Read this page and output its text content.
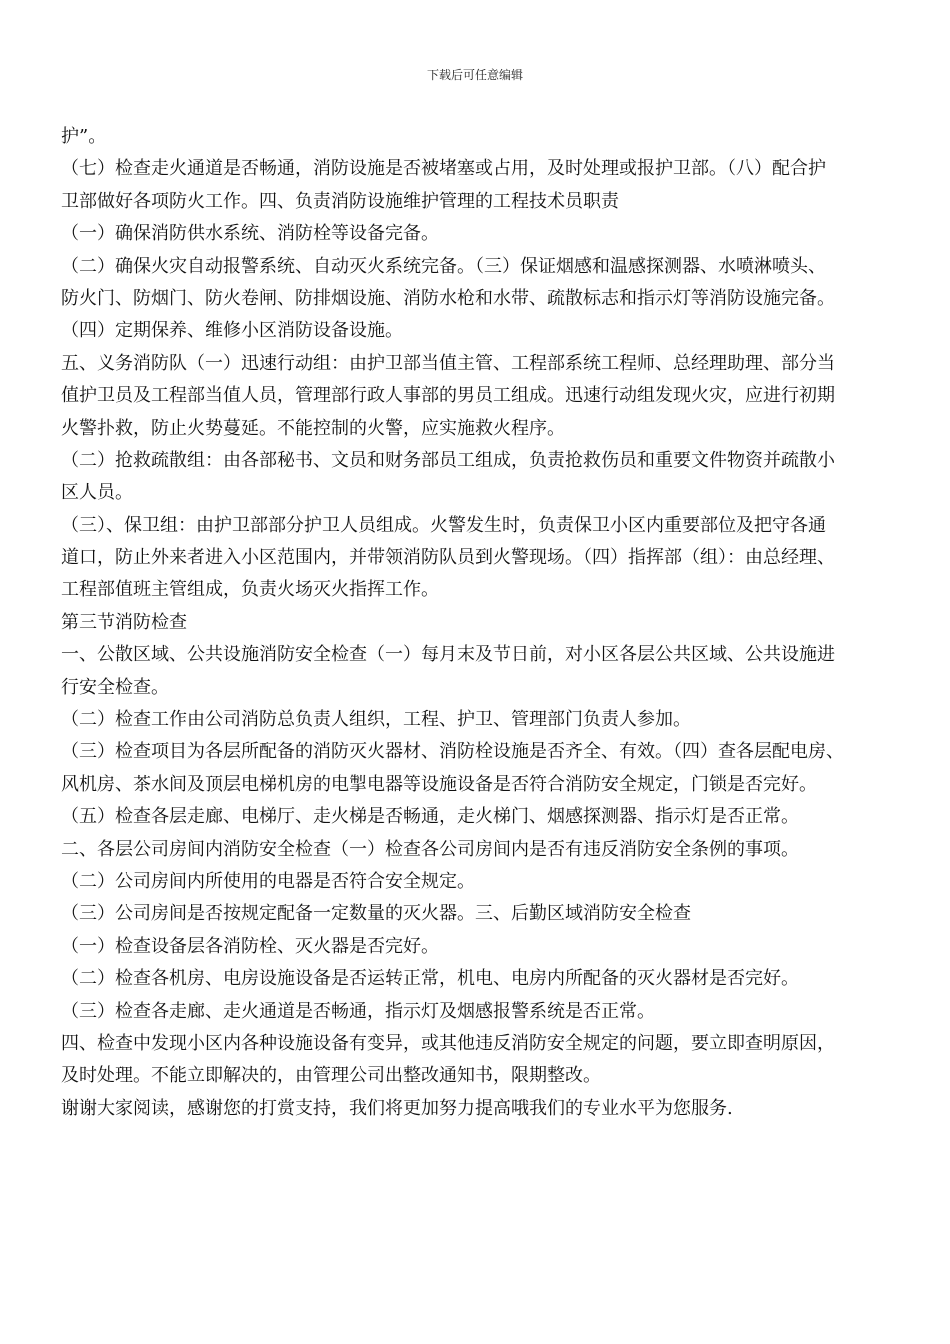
下载后可任意编辑
护”。
（七）检查走火通道是否畅通，消防设施是否被堵塞或占用，及时处理或报护卫部。（八）配合护
卫部做好各项防火工作。四、负责消防设施维护管理的工程技术员职责
（一）确保消防供水系统、消防栓等设备完备。
（二）确保火灾自动报警系统、自动灭火系统完备。（三）保证烟感和温感探测器、水喷淋喷头、
防火门、防烟门、防火卷闸、防排烟设施、消防水枪和水带、疏散标志和指示灯等消防设施完备。
（四）定期保养、维修小区消防设备设施。
五、义务消防队（一）迅速行动组：由护卫部当值主管、工程部系统工程师、总经理助理、部分当
值护卫员及工程部当值人员，管理部行政人事部的男员工组成。迅速行动组发现火灾，应进行初期
火警扑救，防止火势蔓延。不能控制的火警，应实施救火程序。
（二）抢救疏散组：由各部秘书、文员和财务部员工组成，负责抢救伤员和重要文件物资并疏散小
区人员。
（三）、保卫组：由护卫部部分护卫人员组成。火警发生时，负责保卫小区内重要部位及把守各通
道口，防止外来者进入小区范围内，并带领消防队员到火警现场。（四）指挥部（组）：由总经理、
工程部值班主管组成，负责火场灭火指挥工作。
第三节消防检查
一、公散区域、公共设施消防安全检查（一）每月末及节日前，对小区各层公共区域、公共设施进
行安全检查。
（二）检查工作由公司消防总负责人组织，工程、护卫、管理部门负责人参加。
（三）检查项目为各层所配备的消防灭火器材、消防栓设施是否齐全、有效。（四）查各层配电房、
风机房、茶水间及顶层电梯机房的电掣电器等设施设备是否符合消防安全规定，门锁是否完好。
（五）检查各层走廊、电梯厅、走火梯是否畅通，走火梯门、烟感探测器、指示灯是否正常。
二、各层公司房间内消防安全检查（一）检查各公司房间内是否有违反消防安全条例的事项。
（二）公司房间内所使用的电器是否符合安全规定。
（三）公司房间是否按规定配备一定数量的灭火器。三、后勤区域消防安全检查
（一）检查设备层各消防栓、灭火器是否完好。
（二）检查各机房、电房设施设备是否运转正常，机电、电房内所配备的灭火器材是否完好。
（三）检查各走廊、走火通道是否畅通，指示灯及烟感报警系统是否正常。
四、检查中发现小区内各种设施设备有变异，或其他违反消防安全规定的问题，要立即查明原因，
及时处理。不能立即解决的，由管理公司出整改通知书，限期整改。
谢谢大家阅读，感谢您的打赏支持，我们将更加努力提高哦我们的专业水平为您服务.
